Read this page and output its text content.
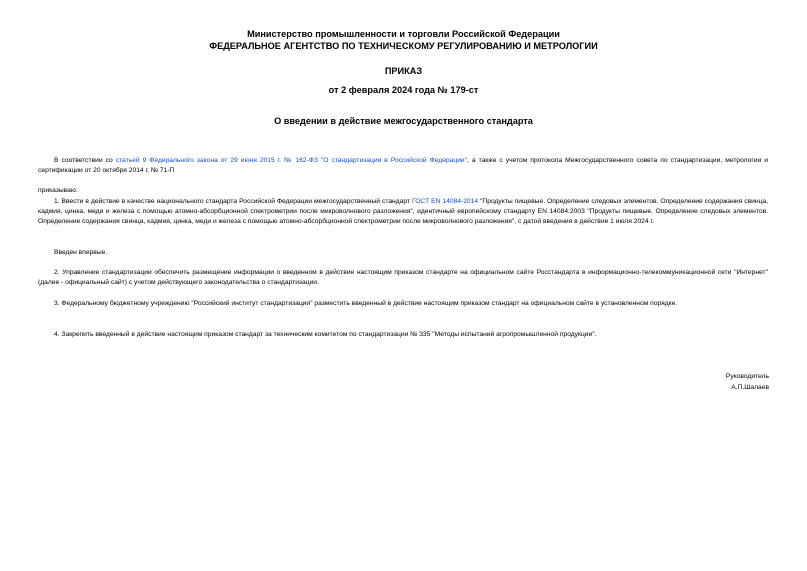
Министерство промышленности и торговли Российской Федерации
ФЕДЕРАЛЬНОЕ АГЕНТСТВО ПО ТЕХНИЧЕСКОМУ РЕГУЛИРОВАНИЮ И МЕТРОЛОГИИ
ПРИКАЗ
от 2 февраля 2024 года № 179-ст
О введении в действие межгосударственного стандарта
В соответствии со статьей 9 Федерального закона от 29 июня 2015 г. № 162-ФЗ "О стандартизации в Российской Федерации", а также с учетом протокола Межгосударственного совета по стандартизации, метрологии и сертификации от 20 октября 2014 г. № 71-П
приказываю:
1. Ввести в действие в качестве национального стандарта Российской Федерации межгосударственный стандарт ГОСТ EN 14084-2014 "Продукты пищевые. Определение следовых элементов. Определение содержания свинца, кадмия, цинка, меди и железа с помощью атомно-абсорбционной спектрометрии после микроволнового разложения", идентичный европейскому стандарту EN 14084:2003 "Продукты пищевые. Определение следовых элементов. Определение содержания свинца, кадмия, цинка, меди и железа с помощью атомно-абсорбционной спектрометрии после микроволнового разложения", с датой введения в действие 1 июля 2024 г.
Введен впервые.
2. Управление стандартизации обеспечить размещение информации о введенном в действие настоящим приказом стандарте на официальном сайте Росстандарта в информационно-телекоммуникационной сети "Интернет" (далее - официальный сайт) с учетом действующего законодательства о стандартизации.
3. Федеральному бюджетному учреждению "Российский институт стандартизации" разместить введенный в действие настоящим приказом стандарт на официальном сайте в установленном порядке.
4. Закрепить введенный в действие настоящим приказом стандарт за техническим комитетом по стандартизации № 335 "Методы испытаний агропромышленной продукции".
Руководитель
А.П.Шалаев
